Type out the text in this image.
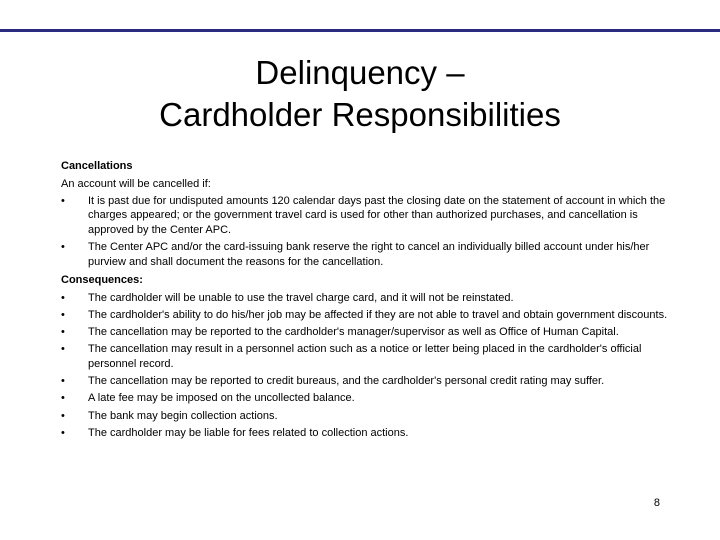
Delinquency –
Cardholder Responsibilities
Cancellations
An account will be cancelled if:
• It is past due for undisputed amounts 120 calendar days past the closing date on the statement of account in which the charges appeared; or the government travel card is used for other than authorized purchases, and cancellation is approved by the Center APC.
• The Center APC and/or the card-issuing bank reserve the right to cancel an individually billed account under his/her purview and shall document the reasons for the cancellation.
Consequences:
• The cardholder will be unable to use the travel charge card, and it will not be reinstated.
• The cardholder's ability to do his/her job may be affected if they are not able to travel and obtain government discounts.
• The cancellation may be reported to the cardholder's manager/supervisor as well as Office of Human Capital.
• The cancellation may result in a personnel action such as a notice or letter being placed in the cardholder's official personnel record.
• The cancellation may be reported to credit bureaus, and the cardholder's personal credit rating may suffer.
• A late fee may be imposed on the uncollected balance.
• The bank may begin collection actions.
• The cardholder may be liable for fees related to collection actions.
8
